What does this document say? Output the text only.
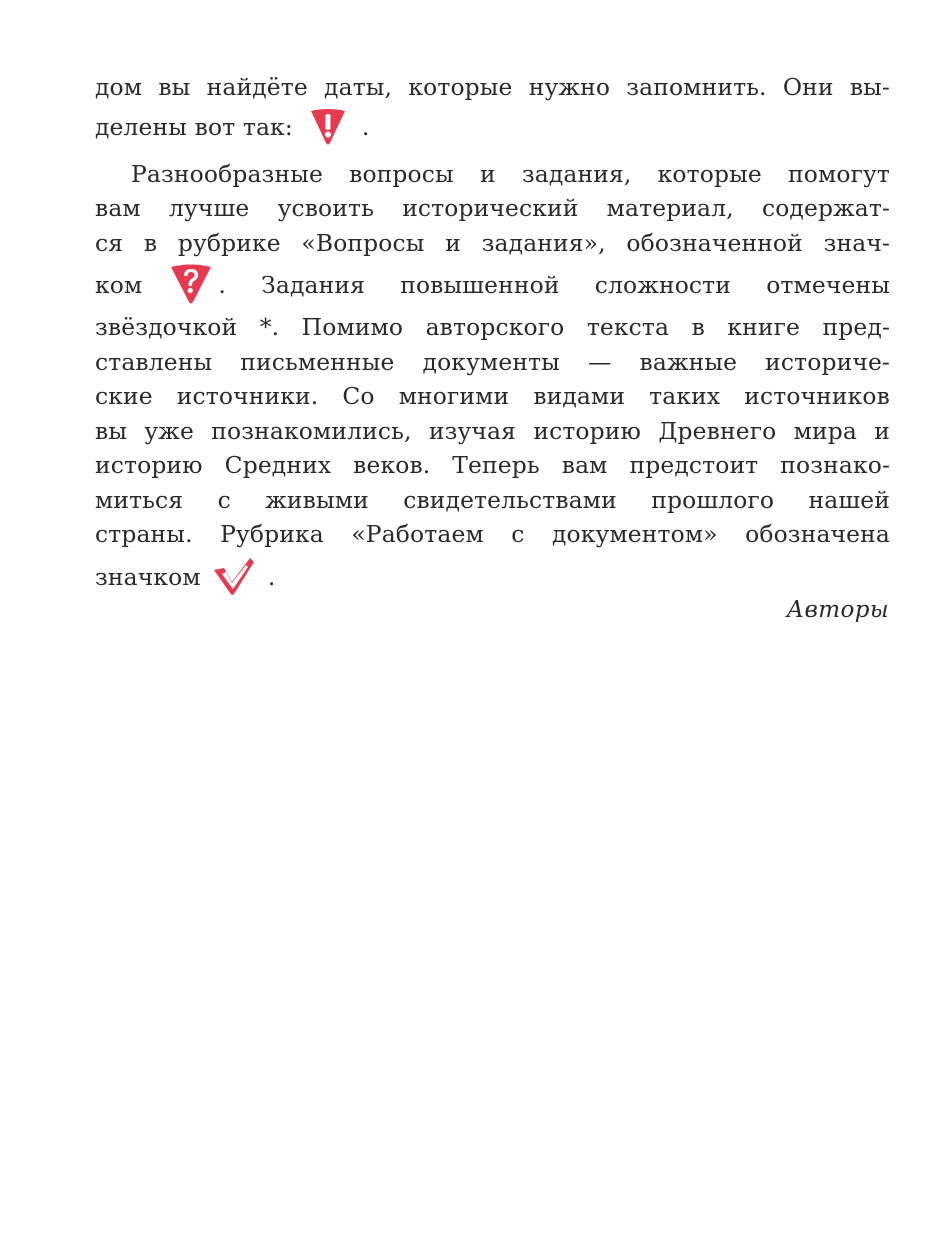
дом вы найдёте даты, которые нужно запомнить. Они вы-
делены вот так:	.
Разнообразные вопросы и задания, которые помогут
вам лучше усвоить исторический материал, содержат-
ся в рубрике «Вопросы и задания», обозначенной знач-
ком	. Задания повышенной сложности отмечены
звёздочкой *. Помимо авторского текста в книге пред-
ставлены письменные документы — важные историче-
ские источники. Со многими видами таких источников
вы уже познакомились, изучая историю Древнего мира и
историю Средних веков. Теперь вам предстоит познако-
миться с живыми свидетельствами прошлого нашей
страны. Рубрика «Работаем с документом» обозначена
значком	.
Авторы
